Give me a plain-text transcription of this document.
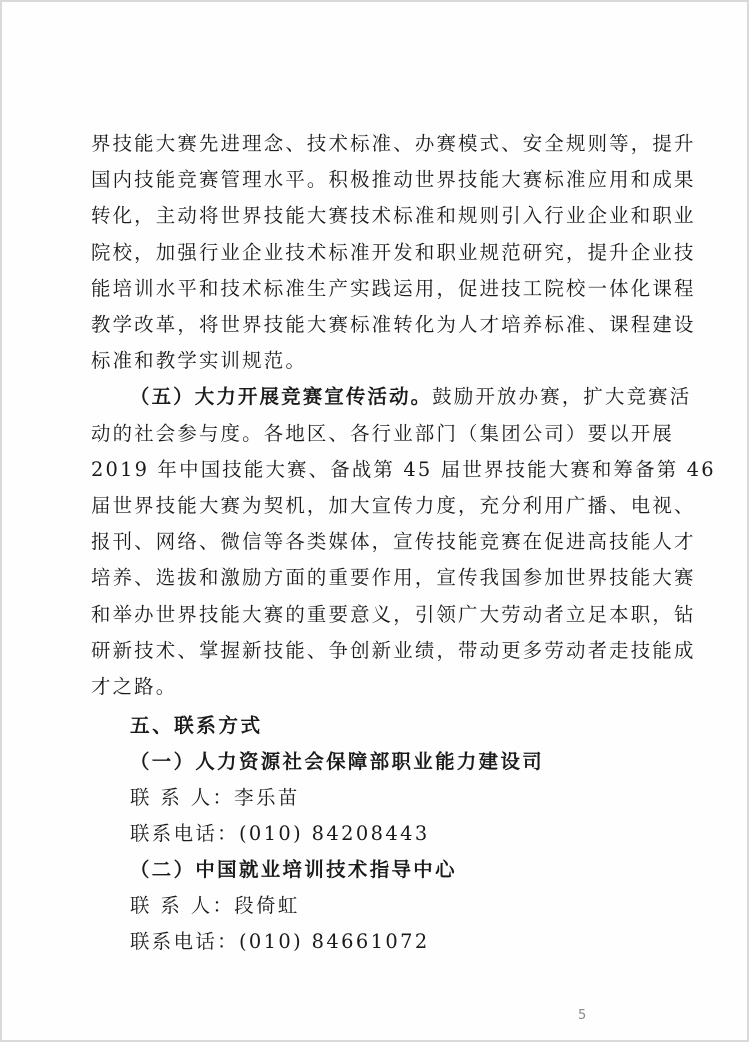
界技能大赛先进理念、技术标准、办赛模式、安全规则等，提升

国内技能竞赛管理水平。积极推动世界技能大赛标准应用和成果

转化，主动将世界技能大赛技术标准和规则引入行业企业和职业

院校，加强行业企业技术标准开发和职业规范研究，提升企业技

能培训水平和技术标准生产实践运用，促进技工院校一体化课程

教学改革，将世界技能大赛标准转化为人才培养标准、课程建设

标准和教学实训规范。

（五）大力开展竞赛宣传活动。鼓励开放办赛，扩大竞赛活

动的社会参与度。各地区、各行业部门（集团公司）要以开展

2019 年中国技能大赛、备战第 45 届世界技能大赛和筹备第 46

届世界技能大赛为契机，加大宣传力度，充分利用广播、电视、

报刊、网络、微信等各类媒体，宣传技能竞赛在促进高技能人才

培养、选拔和激励方面的重要作用，宣传我国参加世界技能大赛

和举办世界技能大赛的重要意义，引领广大劳动者立足本职，钻

研新技术、掌握新技能、争创新业绩，带动更多劳动者走技能成

才之路。

五、联系方式

（一）人力资源社会保障部职业能力建设司

联 系 人：李乐苗

联系电话：(010) 84208443

（二）中国就业培训技术指导中心

联 系 人：段倚虹

联系电话：(010) 84661072

5
